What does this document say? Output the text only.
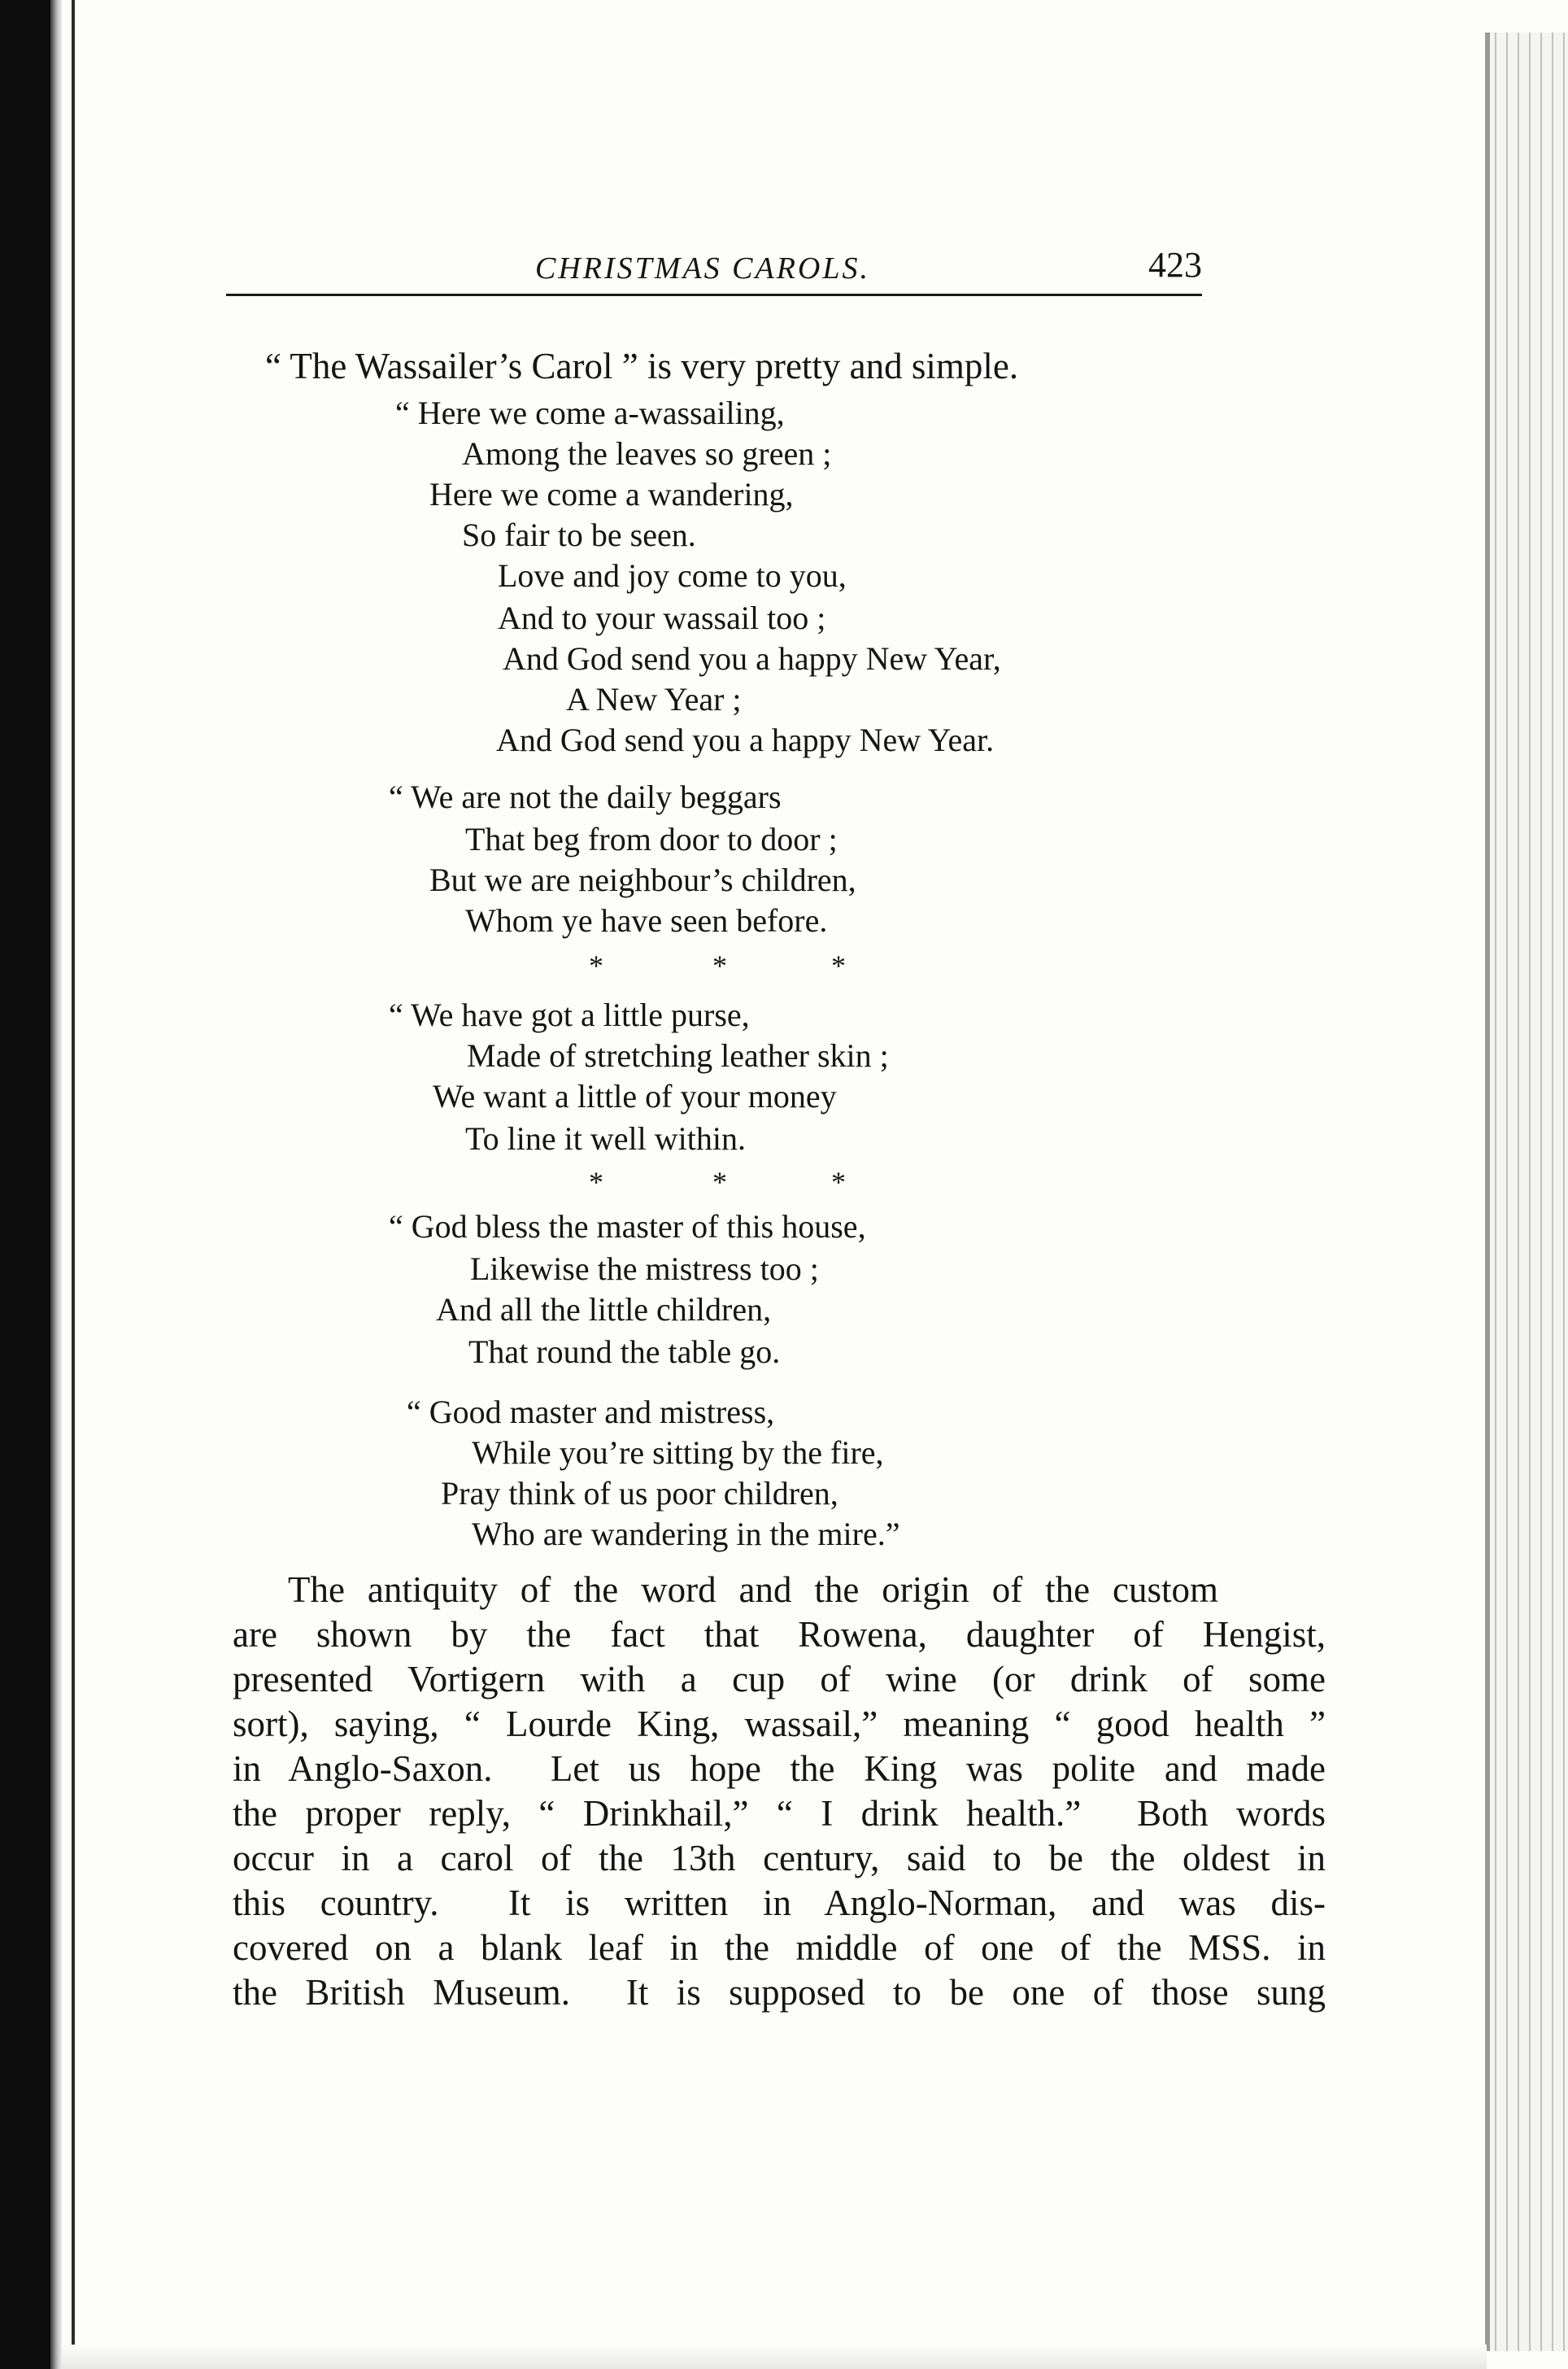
CHRISTMAS CAROLS.	423
“ The Wassailer’s Carol ” is very pretty and simple.
“ Here we come a-wassailing,
Among the leaves so green ;
Here we come a wandering,
So fair to be seen.
Love and joy come to you,
And to your wassail too ;
And God send you a happy New Year,
A New Year ;
And God send you a happy New Year.
“ We are not the daily beggars
That beg from door to door ;
But we are neighbour’s children,
Whom ye have seen before.
*	*	*
“ We have got a little purse,
Made of stretching leather skin ;
We want a little of your money
To line it well within.
*	*	*
“ God bless the master of this house,
Likewise the mistress too ;
And all the little children,
That round the table go.
“ Good master and mistress,
While you’re sitting by the fire,
Pray think of us poor children,
Who are wandering in the mire.”
The antiquity of the word and the origin of the custom
are shown by the fact that Rowena, daughter of Hengist,
presented Vortigern with a cup of wine (or drink of some
sort), saying, “ Lourde King, wassail,” meaning “ good health ”
in Anglo-Saxon.  Let us hope the King was polite and made
the proper reply, “ Drinkhail,” “ I drink health.”  Both words
occur in a carol of the 13th century, said to be the oldest in
this country.  It is written in Anglo-Norman, and was dis-
covered on a blank leaf in the middle of one of the MSS. in
the British Museum.  It is supposed to be one of those sung
